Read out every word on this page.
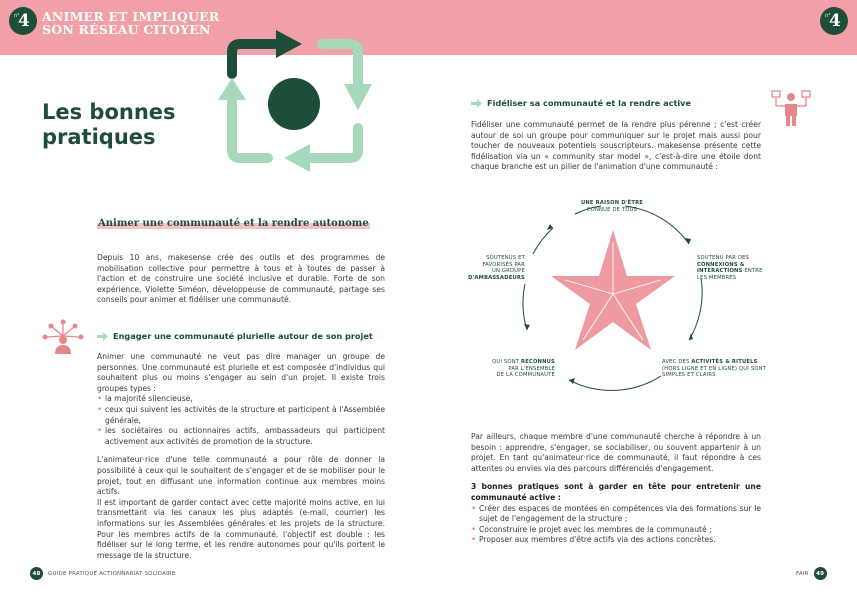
n°
4 ANIMER ET IMPLIQUER
SON RÉSEAU CITOYEN
n°
4
Les bonnes
pratiques
Animer une communauté et la rendre autonome

Depuis 10 ans, makesense crée des outils et des programmes de mobilisation collective pour permettre à tous et à toutes de passer à l'action et de construire une société inclusive et durable. Forte de son expérience, Violette Siméon, développeuse de communauté, partage ses conseils pour animer et fidéliser une communauté.

Engager une communauté plurielle autour de son projet

Animer une communauté ne veut pas dire manager un groupe de personnes. Une communauté est plurielle et est composée d'individus qui souhaitent plus ou moins s'engager au sein d'un projet. Il existe trois groupes types :

• la majorité silencieuse,
• ceux qui suivent les activités de la structure et participent à l'Assemblée générale,
• les sociétaires ou actionnaires actifs, ambassadeurs qui participent activement aux activités de promotion de la structure.

L'animateur·rice d'une telle communauté a pour rôle de donner la possibilité à ceux qui le souhaitent de s'engager et de se mobiliser pour le projet, tout en diffusant une information continue aux membres moins actifs.

Il est important de garder contact avec cette majorité moins active, en lui transmettant via les canaux les plus adaptés (e-mail, courrier) les informations sur les Assemblées générales et les projets de la structure. Pour les membres actifs de la communauté, l'objectif est double : les fidéliser sur le long terme, et les rendre autonomes pour qu'ils portent le message de la structure.

48	GUIDE PRATIQUE ACTIONNARIAT SOLIDAIRE
Fidéliser sa communauté et la rendre active

Fidéliser une communauté permet de la rendre plus pérenne ; c'est créer autour de soi un groupe pour communiquer sur le projet mais aussi pour toucher de nouveaux potentiels souscripteurs. makesense présente cette fidélisation via un « community star model », c'est-à-dire une étoile dont chaque branche est un pilier de l'animation d'une communauté :

UNE RAISON D'ÊTRE
CONNUE DE TOUS
SOUTENU PAR DES
CONNEXIONS &
INTERACTIONS ENTRE
LES MEMBRES
AVEC DES ACTIVITÉS & RITUELS
(HORS LIGNE ET EN LIGNE) QUI SONT
SIMPLES ET CLAIRS
QUI SONT RECONNUS
PAR L'ENSEMBLE
DE LA COMMUNAUTÉ
SOUTENUS ET
FAVORISÉS PAR
UN GROUPE
D'AMBASSADEURS

Par ailleurs, chaque membre d'une communauté cherche à répondre à un besoin : apprendre, s'engager, se sociabiliser, ou souvent appartenir à un projet. En tant qu'animateur·rice de communauté, il faut répondre à ces attentes ou envies via des parcours différenciés d'engagement.

3 bonnes pratiques sont à garder en tête pour entretenir une communauté active :

• Créer des espaces de montées en compétences via des formations sur le sujet de l'engagement de la structure ;
• Coconstruire le projet avec les membres de la communauté ;
• Proposer aux membres d'être actifs via des actions concrètes.
FAIR	49
